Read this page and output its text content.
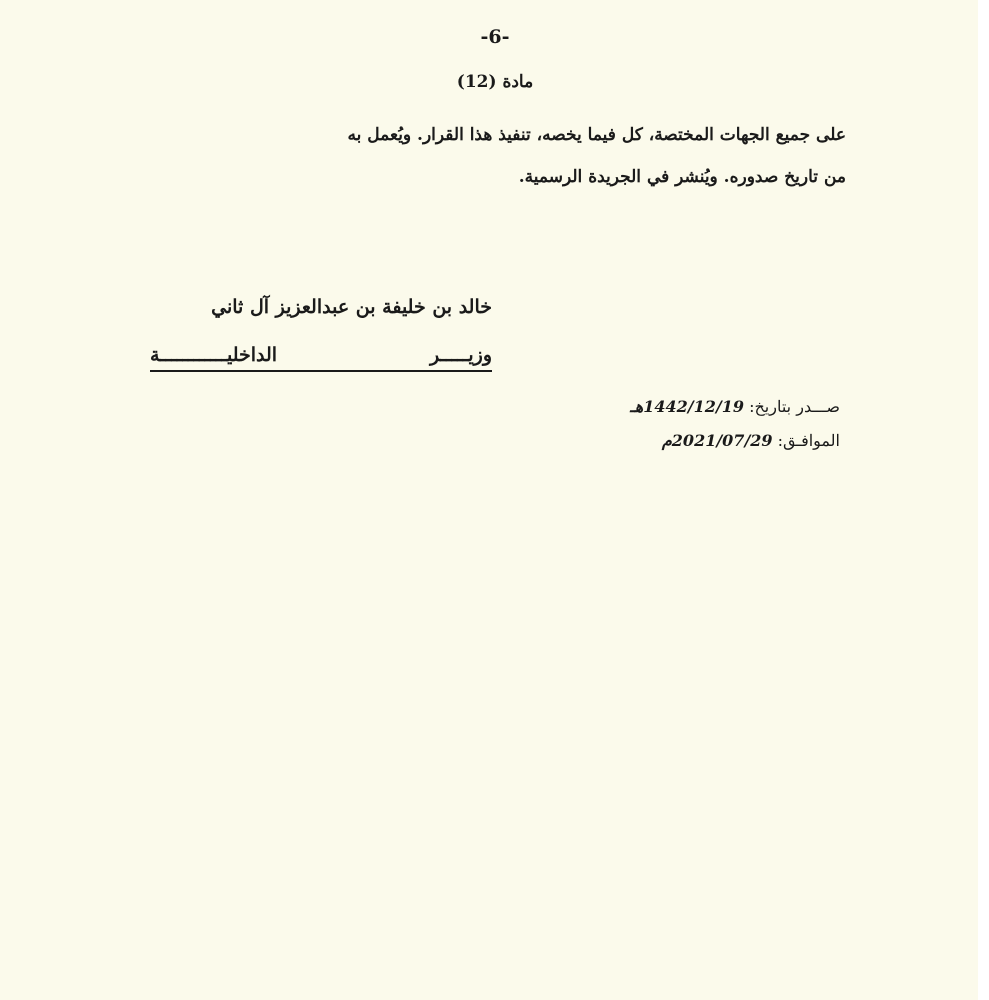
-6-
مادة (12)

على جميع الجهات المختصة، كل فيما يخصه، تنفيذ هذا القرار. ويُعمل به

من تاريخ صدوره. ويُنشر في الجريدة الرسمية.

خالد بن خليفة بن عبدالعزيز آل ثاني
وزيـــــر الداخليــــــــــــة
صـــدر بتاريخ: 1442/12/19هـ
الموافـق: 2021/07/29م
